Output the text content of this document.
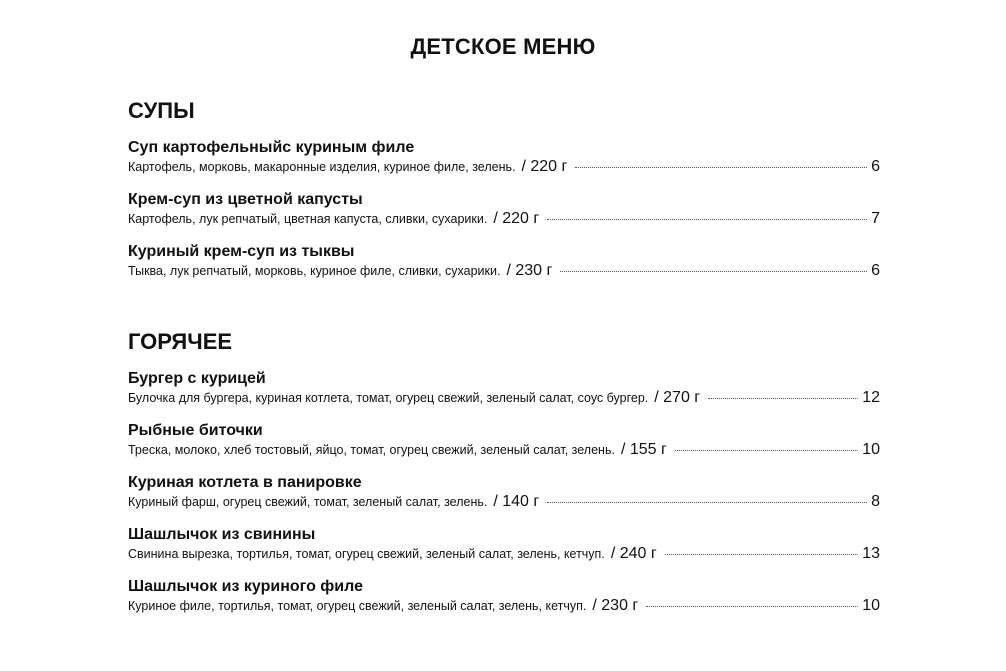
ДЕТСКОЕ МЕНЮ
СУПЫ
Суп картофельныйс куриным филе
Картофель, морковь, макаронные изделия, куриное филе, зелень. / 220 г	6
Крем-суп из цветной капусты
Картофель, лук репчатый, цветная капуста, сливки, сухарики. / 220 г	7
Куриный крем-суп из тыквы
Тыква, лук репчатый, морковь, куриное филе, сливки, сухарики. / 230 г	6
ГОРЯЧЕЕ
Бургер с курицей
Булочка для бургера, куриная котлета, томат, огурец свежий, зеленый салат, соус бургер. / 270 г	12
Рыбные биточки
Треска, молоко, хлеб тостовый, яйцо, томат, огурец свежий, зеленый салат, зелень. / 155 г	10
Куриная котлета в панировке
Куриный фарш, огурец свежий, томат, зеленый салат, зелень. / 140 г	8
Шашлычок из свинины
Свинина вырезка, тортилья, томат, огурец свежий, зеленый салат, зелень, кетчуп. / 240 г	13
Шашлычок из куриного филе
Куриное филе, тортилья, томат, огурец свежий, зеленый салат, зелень, кетчуп. / 230 г	10
